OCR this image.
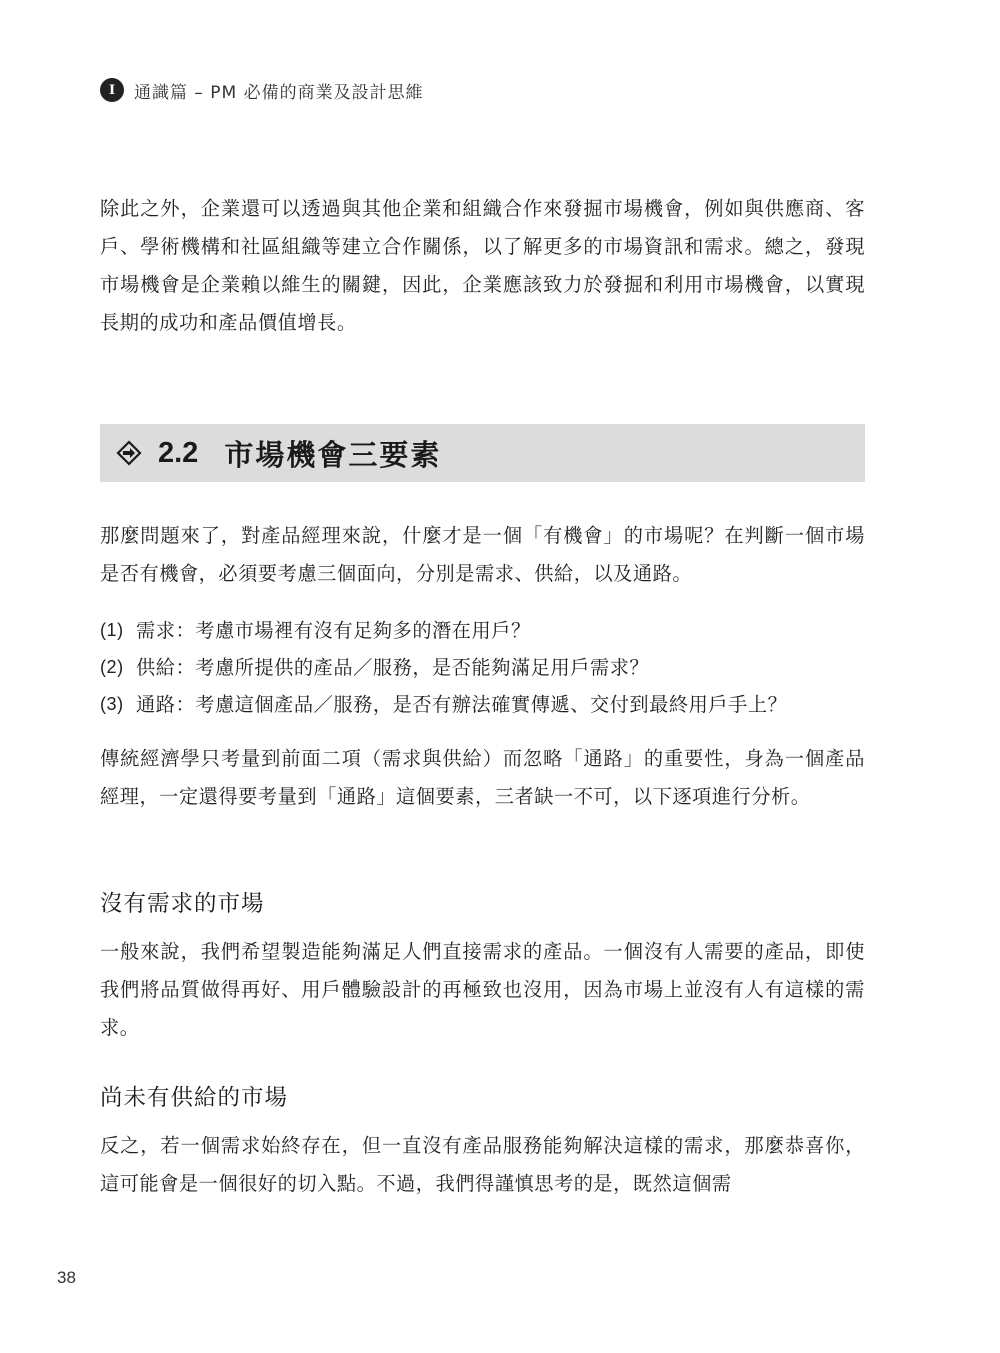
I	通識篇 – PM 必備的商業及設計思維

除此之外，企業還可以透過與其他企業和組織合作來發掘市場機會，例如與供應商、客戶、學術機構和社區組織等建立合作關係，以了解更多的市場資訊和需求。總之，發現市場機會是企業賴以維生的關鍵，因此，企業應該致力於發掘和利用市場機會，以實現長期的成功和產品價值增長。

2.2 市場機會三要素

那麼問題來了，對產品經理來說，什麼才是一個「有機會」的市場呢？在判斷一個市場是否有機會，必須要考慮三個面向，分別是需求、供給，以及通路。

(1) 需求：考慮市場裡有沒有足夠多的潛在用戶？
(2) 供給：考慮所提供的產品／服務，是否能夠滿足用戶需求？
(3) 通路：考慮這個產品／服務，是否有辦法確實傳遞、交付到最終用戶手上？

傳統經濟學只考量到前面二項（需求與供給）而忽略「通路」的重要性，身為一個產品經理，一定還得要考量到「通路」這個要素，三者缺一不可，以下逐項進行分析。

沒有需求的市場

一般來說，我們希望製造能夠滿足人們直接需求的產品。一個沒有人需要的產品，即使我們將品質做得再好、用戶體驗設計的再極致也沒用，因為市場上並沒有人有這樣的需求。

尚未有供給的市場

反之，若一個需求始終存在，但一直沒有產品服務能夠解決這樣的需求，那麼恭喜你，這可能會是一個很好的切入點。不過，我們得謹慎思考的是，既然這個需

38
